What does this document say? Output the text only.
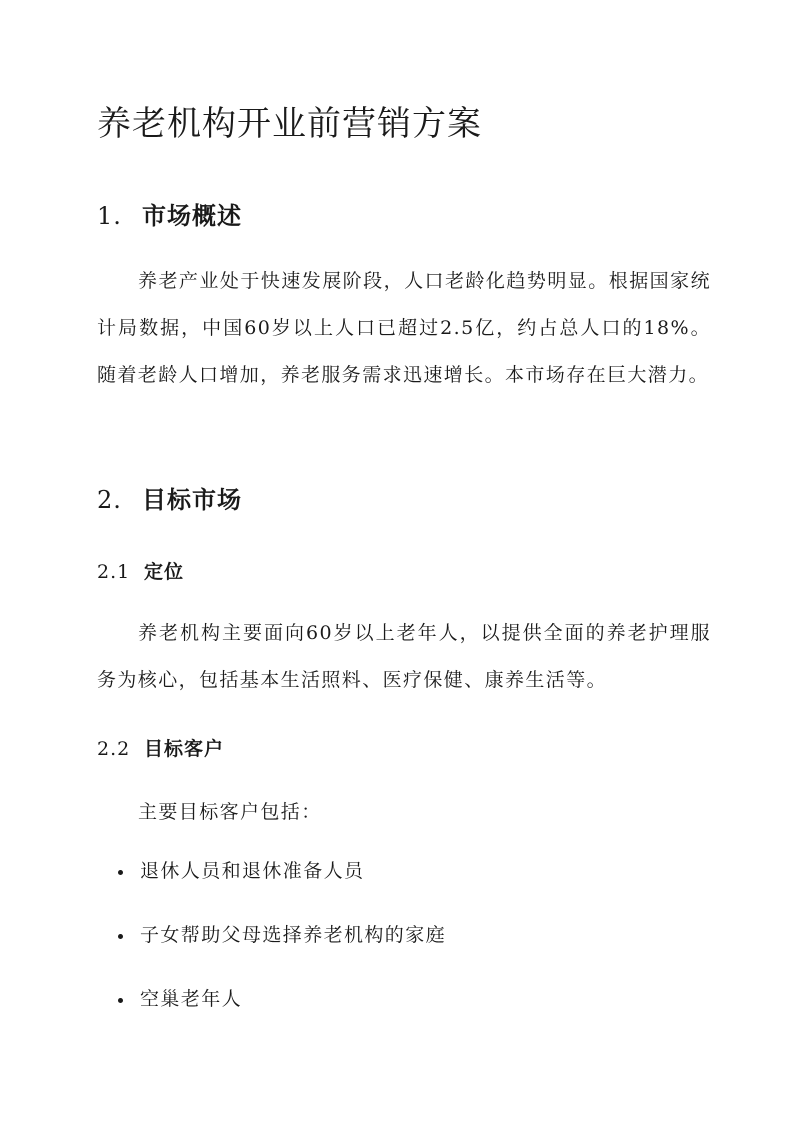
养老机构开业前营销方案
1. 市场概述

养老产业处于快速发展阶段，人口老龄化趋势明显。根据国家统计局数据，中国60岁以上人口已超过2.5亿，约占总人口的18%。随着老龄人口增加，养老服务需求迅速增长。本市场存在巨大潜力。

2. 目标市场
2.1 定位

养老机构主要面向60岁以上老年人，以提供全面的养老护理服务为核心，包括基本生活照料、医疗保健、康养生活等。

2.2 目标客户

主要目标客户包括：

退休人员和退休准备人员
子女帮助父母选择养老机构的家庭
空巢老年人
